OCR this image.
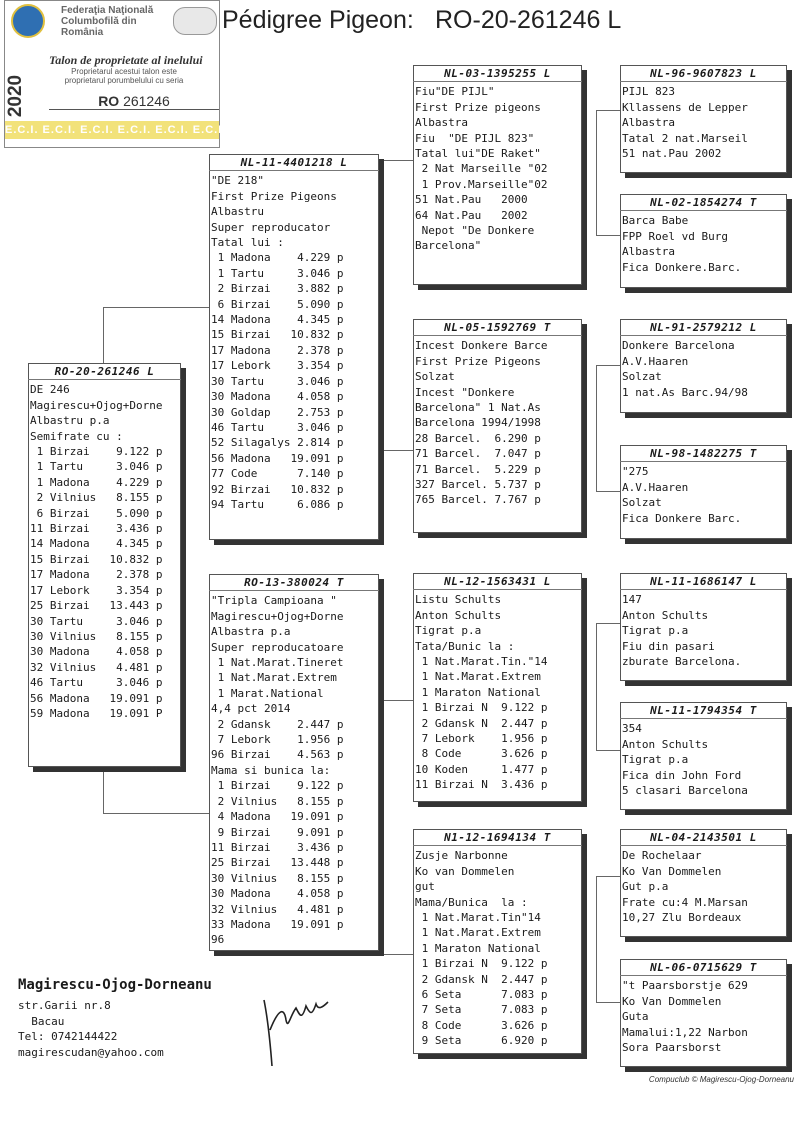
Pédigree Pigeon: RO-20-261246 L
Federaţia Naţională Columbofilă din România
2020
Talon de proprietate al inelului
Proprietarul acestui talon este
proprietarul porumbelului cu seria
RO 261246
E.C.I. E.C.I. E.C.I. E.C.I. E.C.I. E.C.I. E.C.I. E.C.I.
RO-20-261246 L
DE 246
Magirescu+Ojog+Dorne
Albastru p.a
Semifrate cu :
1 Birzai    9.122 p
1 Tartu     3.046 p
1 Madona    4.229 p
2 Vilnius   8.155 p
6 Birzai    5.090 p
11 Birzai    3.436 p
14 Madona    4.345 p
15 Birzai   10.832 p
17 Madona    2.378 p
17 Lebork    3.354 p
25 Birzai   13.443 p
30 Tartu     3.046 p
30 Vilnius   8.155 p
30 Madona    4.058 p
32 Vilnius   4.481 p
46 Tartu     3.046 p
56 Madona   19.091 p
59 Madona   19.091 P
NL-11-4401218 L
"DE 218"
First Prize Pigeons
Albastru
Super reproducator
Tatal lui :
1 Madona    4.229 p
1 Tartu     3.046 p
2 Birzai    3.882 p
6 Birzai    5.090 p
14 Madona    4.345 p
15 Birzai   10.832 p
17 Madona    2.378 p
17 Lebork    3.354 p
30 Tartu     3.046 p
30 Madona    4.058 p
30 Goldap    2.753 p
46 Tartu     3.046 p
52 Silagalys 2.814 p
56 Madona   19.091 p
77 Code      7.140 p
92 Birzai   10.832 p
94 Tartu     6.086 p
RO-13-380024 T
"Tripla Campioana "
Magirescu+Ojog+Dorne
Albastra p.a
Super reproducatoare
1 Nat.Marat.Tineret
1 Nat.Marat.Extrem
1 Marat.National
4,4 pct 2014
2 Gdansk    2.447 p
7 Lebork    1.956 p
96 Birzai    4.563 p
Mama si bunica la:
1 Birzai    9.122 p
2 Vilnius   8.155 p
4 Madona   19.091 p
9 Birzai    9.091 p
11 Birzai    3.436 p
25 Birzai   13.448 p
30 Vilnius   8.155 p
30 Madona    4.058 p
32 Vilnius   4.481 p
33 Madona   19.091 p
96
NL-03-1395255 L
Fiu"DE PIJL"
First Prize pigeons
Albastra
Fiu  "DE PIJL 823"
Tatal lui"DE Raket"
2 Nat Marseille "02
1 Prov.Marseille"02
51 Nat.Pau   2000
64 Nat.Pau   2002
Nepot "De Donkere
Barcelona"
NL-05-1592769 T
Incest Donkere Barce
First Prize Pigeons
Solzat
Incest "Donkere
Barcelona" 1 Nat.As
Barcelona 1994/1998
28 Barcel.  6.290 p
71 Barcel.  7.047 p
71 Barcel.  5.229 p
327 Barcel. 5.737 p
765 Barcel. 7.767 p
NL-12-1563431 L
Listu Schults
Anton Schults
Tigrat p.a
Tata/Bunic la :
1 Nat.Marat.Tin."14
1 Nat.Marat.Extrem
1 Maraton National
1 Birzai N  9.122 p
2 Gdansk N  2.447 p
7 Lebork    1.956 p
8 Code      3.626 p
10 Koden     1.477 p
11 Birzai N  3.436 p
N1-12-1694134 T
Zusje Narbonne
Ko van Dommelen
gut
Mama/Bunica  la :
1 Nat.Marat.Tin"14
1 Nat.Marat.Extrem
1 Maraton National
1 Birzai N  9.122 p
2 Gdansk N  2.447 p
6 Seta      7.083 p
7 Seta      7.083 p
8 Code      3.626 p
9 Seta      6.920 p
NL-96-9607823 L
PIJL 823
Kllassens de Lepper
Albastra
Tatal 2 nat.Marseil
51 nat.Pau 2002
NL-02-1854274 T
Barca Babe
FPP Roel vd Burg
Albastra
Fica Donkere.Barc.
NL-91-2579212 L
Donkere Barcelona
A.V.Haaren
Solzat
1 nat.As Barc.94/98
NL-98-1482275 T
"275
A.V.Haaren
Solzat
Fica Donkere Barc.
NL-11-1686147 L
147
Anton Schults
Tigrat p.a
Fiu din pasari
zburate Barcelona.
NL-11-1794354 T
354
Anton Schults
Tigrat p.a
Fica din John Ford
5 clasari Barcelona
NL-04-2143501 L
De Rochelaar
Ko Van Dommelen
Gut p.a
Frate cu:4 M.Marsan
10,27 Zlu Bordeaux
NL-06-0715629 T
"t Paarsborstje 629
Ko Van Dommelen
Guta
Mamalui:1,22 Narbon
Sora Paarsborst
Magirescu-Ojog-Dorneanu
str.Garii nr.8
Bacau
Tel: 0742144422
magirescudan@yahoo.com
Compuclub © Magirescu-Ojog-Dorneanu
